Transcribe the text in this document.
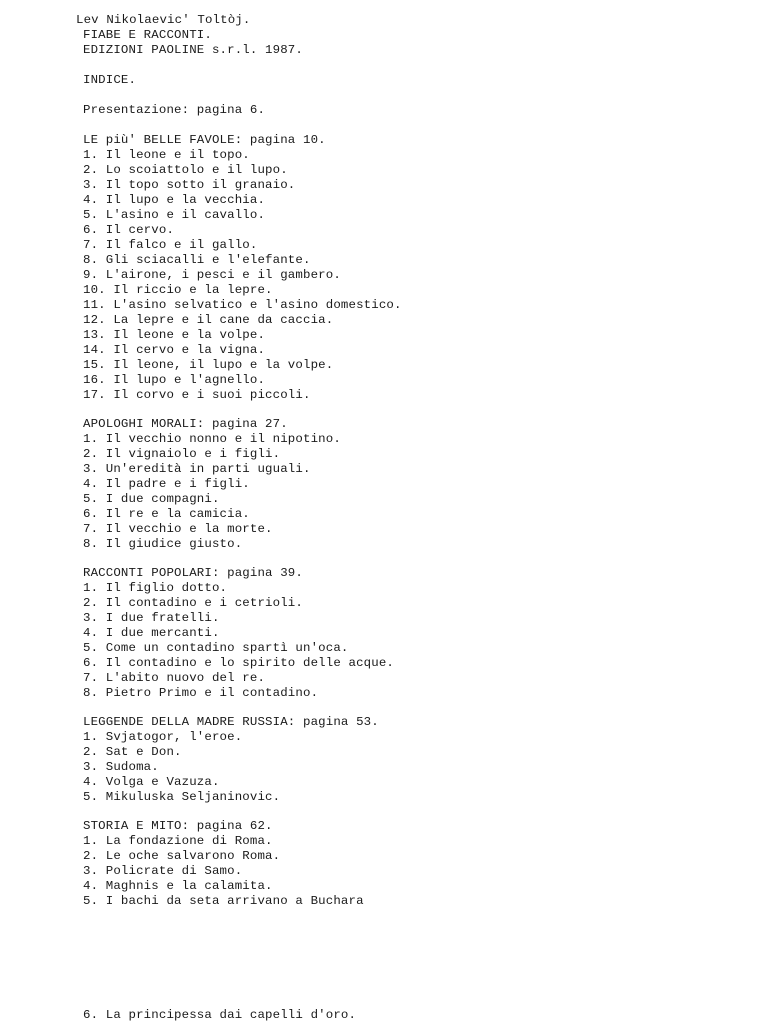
Lev Nikolaevic' Toltòj.
FIABE E RACCONTI.
EDIZIONI PAOLINE s.r.l. 1987.
INDICE.
Presentazione: pagina 6.
LE più' BELLE FAVOLE: pagina 10.
1. Il leone e il topo.
2. Lo scoiattolo e il lupo.
3. Il topo sotto il granaio.
4. Il lupo e la vecchia.
5. L'asino e il cavallo.
6. Il cervo.
7. Il falco e il gallo.
8. Gli sciacalli e l'elefante.
9. L'airone, i pesci e il gambero.
10. Il riccio e la lepre.
11. L'asino selvatico e l'asino domestico.
12. La lepre e il cane da caccia.
13. Il leone e la volpe.
14. Il cervo e la vigna.
15. Il leone, il lupo e la volpe.
16. Il lupo e l'agnello.
17. Il corvo e i suoi piccoli.
APOLOGHI MORALI: pagina 27.
1. Il vecchio nonno e il nipotino.
2. Il vignaiolo e i figli.
3. Un'eredità in parti uguali.
4. Il padre e i figli.
5. I due compagni.
6. Il re e la camicia.
7. Il vecchio e la morte.
8. Il giudice giusto.
RACCONTI POPOLARI: pagina 39.
1. Il figlio dotto.
2. Il contadino e i cetrioli.
3. I due fratelli.
4. I due mercanti.
5. Come un contadino spartì un'oca.
6. Il contadino e lo spirito delle acque.
7. L'abito nuovo del re.
8. Pietro Primo e il contadino.
LEGGENDE DELLA MADRE RUSSIA: pagina 53.
1. Svjatogor, l'eroe.
2. Sat e Don.
3. Sudoma.
4. Volga e Vazuza.
5. Mikuluska Seljaninovic.
STORIA E MITO: pagina 62.
1. La fondazione di Roma.
2. Le oche salvarono Roma.
3. Policrate di Samo.
4. Maghnis e la calamita.
5. I bachi da seta arrivano a Buchara
6. La principessa dai capelli d'oro.
